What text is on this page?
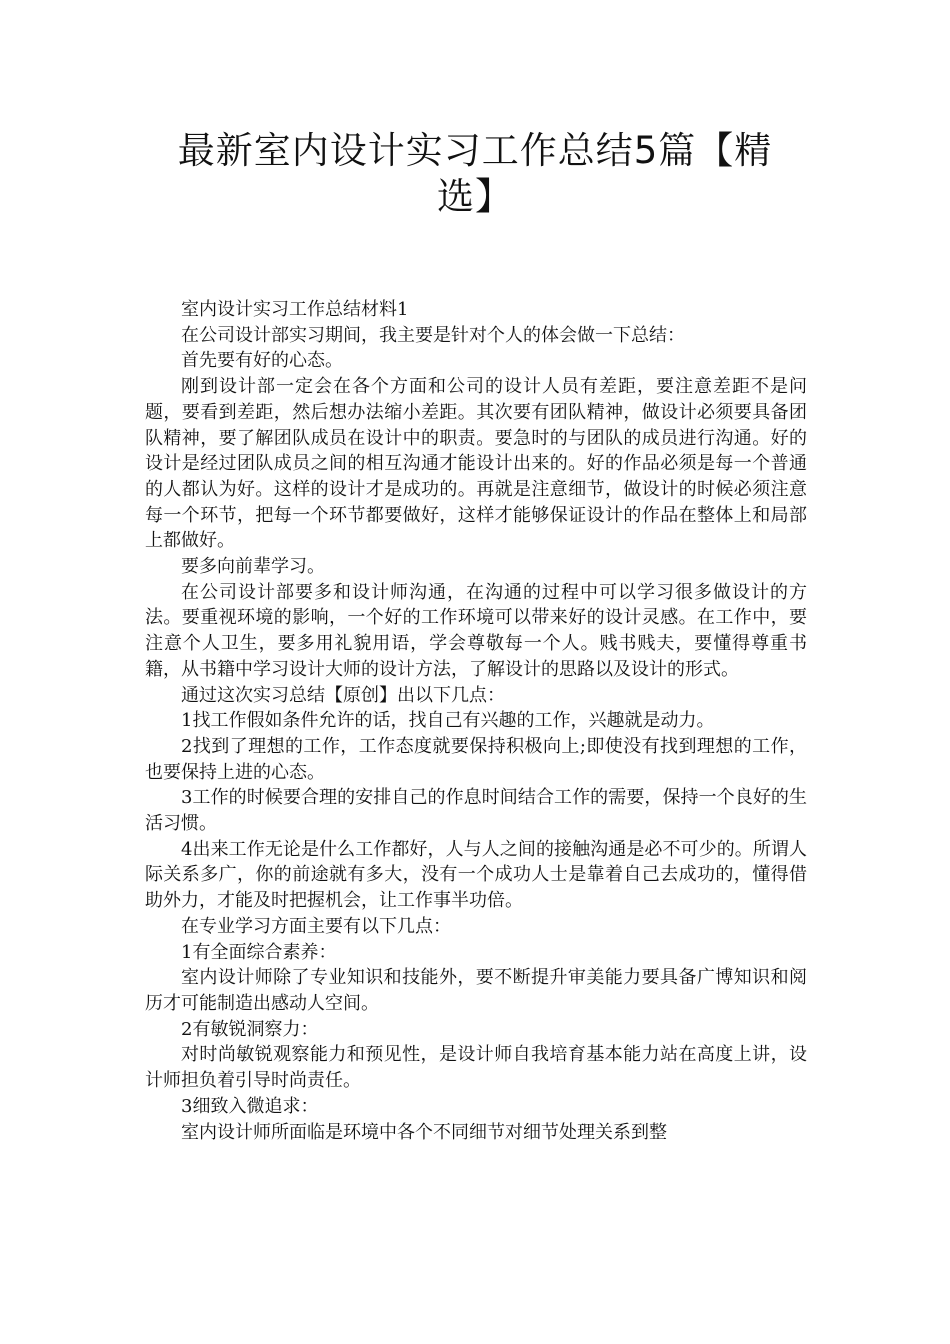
最新室内设计实习工作总结5篇【精选】

室内设计实习工作总结材料1

在公司设计部实习期间，我主要是针对个人的体会做一下总结：

首先要有好的心态。

刚到设计部一定会在各个方面和公司的设计人员有差距，要注意差距不是问题，要看到差距，然后想办法缩小差距。其次要有团队精神，做设计必须要具备团队精神，要了解团队成员在设计中的职责。要急时的与团队的成员进行沟通。好的设计是经过团队成员之间的相互沟通才能设计出来的。好的作品必须是每一个普通的人都认为好。这样的设计才是成功的。再就是注意细节，做设计的时候必须注意每一个环节，把每一个环节都要做好，这样才能够保证设计的作品在整体上和局部上都做好。

要多向前辈学习。

在公司设计部要多和设计师沟通，在沟通的过程中可以学习很多做设计的方法。要重视环境的影响，一个好的工作环境可以带来好的设计灵感。在工作中，要注意个人卫生，要多用礼貌用语，学会尊敬每一个人。贱书贱夫，要懂得尊重书籍，从书籍中学习设计大师的设计方法，了解设计的思路以及设计的形式。

通过这次实习总结【原创】出以下几点：

1找工作假如条件允许的话，找自己有兴趣的工作，兴趣就是动力。

2找到了理想的工作，工作态度就要保持积极向上;即使没有找到理想的工作，也要保持上进的心态。

3工作的时候要合理的安排自己的作息时间结合工作的需要，保持一个良好的生活习惯。

4出来工作无论是什么工作都好，人与人之间的接触沟通是必不可少的。所谓人际关系多广，你的前途就有多大，没有一个成功人士是靠着自己去成功的，懂得借助外力，才能及时把握机会，让工作事半功倍。

在专业学习方面主要有以下几点：

1有全面综合素养：

室内设计师除了专业知识和技能外，要不断提升审美能力要具备广博知识和阅历才可能制造出感动人空间。

2有敏锐洞察力：

对时尚敏锐观察能力和预见性，是设计师自我培育基本能力站在高度上讲，设计师担负着引导时尚责任。

3细致入微追求：

室内设计师所面临是环境中各个不同细节对细节处理关系到整
